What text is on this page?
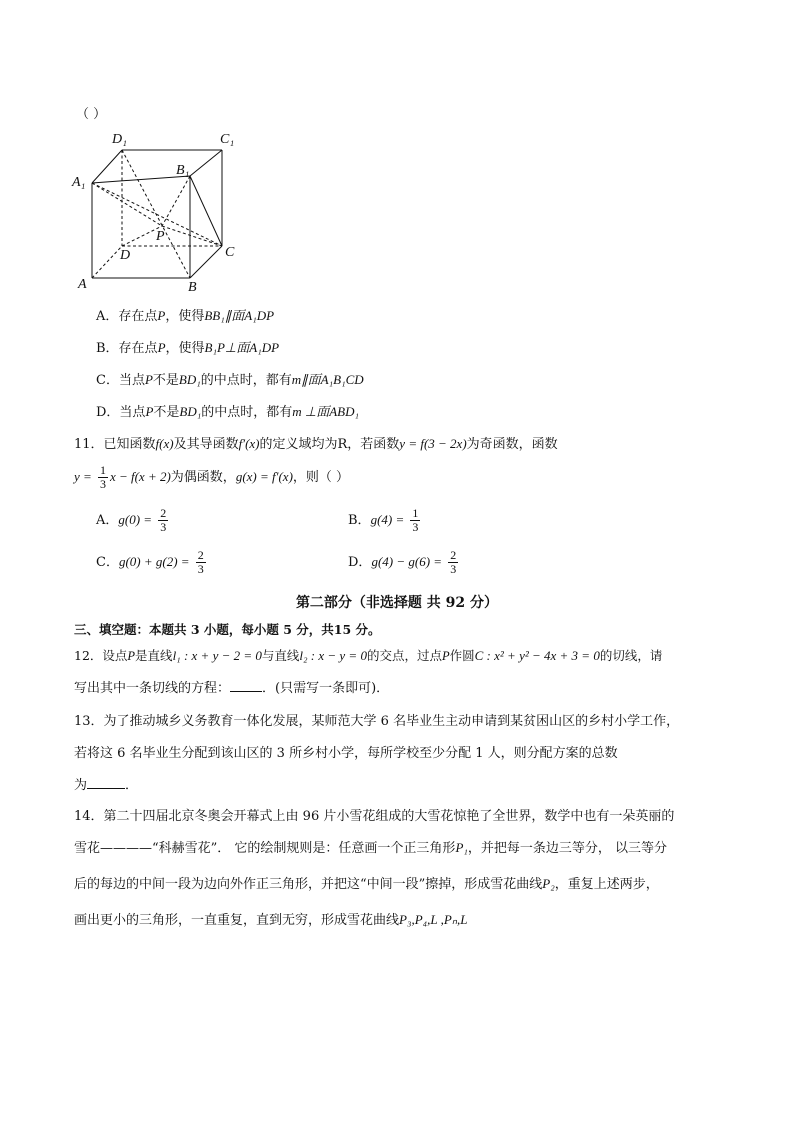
（ ）
D₁	C₁
A₁
B₁
P
D	C
A	B
A．存在点P，使得BB₁∥面A₁DP
B．存在点P，使得B₁P⊥面A₁DP
C．当点P不是BD₁的中点时，都有m∥面A₁B₁CD
D．当点P不是BD₁的中点时，都有m ⊥面ABD₁
11．已知函数f(x)及其导函数f′(x)的定义域均为R，若函数y = f(3 − 2x)为奇函数，函数
$y = \frac{1}{3}$ x − f(x + 2)为偶函数，g(x) = f′(x)，则（ ）
A．$g(0) = \frac{2}{3}$	B．$g(4) = \frac{1}{3}$
C．$g(0) + g(2) = \frac{2}{3}$	D．$g(4) - g(6) = \frac{2}{3}$
第二部分（非选择题 共 92 分）
三、填空题：本题共 3 小题，每小题 5 分，共15 分。
12．设点P是直线l₁ : x + y − 2 = 0与直线l₂ : x − y = 0的交点，过点P作圆C : x² + y² − 4x + 3 = 0的切线，请
写出其中一条切线的方程： ．(只需写一条即可)．
13．为了推动城乡义务教育一体化发展，某师范大学 6 名毕业生主动申请到某贫困山区的乡村小学工作，
若将这 6 名毕业生分配到该山区的 3 所乡村小学，每所学校至少分配 1 人，则分配方案的总数
为	．
14．第二十四届北京冬奥会开幕式上由 96 片小雪花组成的大雪花惊艳了全世界，数学中也有一朵英丽的
雪花————“科赫雪花”． 它的绘制规则是：任意画一个正三角形P₁，并把每一条边三等分， 以三等分
后的每边的中间一段为边向外作正三角形，并把这“中间一段”擦掉，形成雪花曲线P₂，重复上述两步，
画出更小的三角形，一直重复，直到无穷，形成雪花曲线P₃,P₄,L ,Pₙ,L
